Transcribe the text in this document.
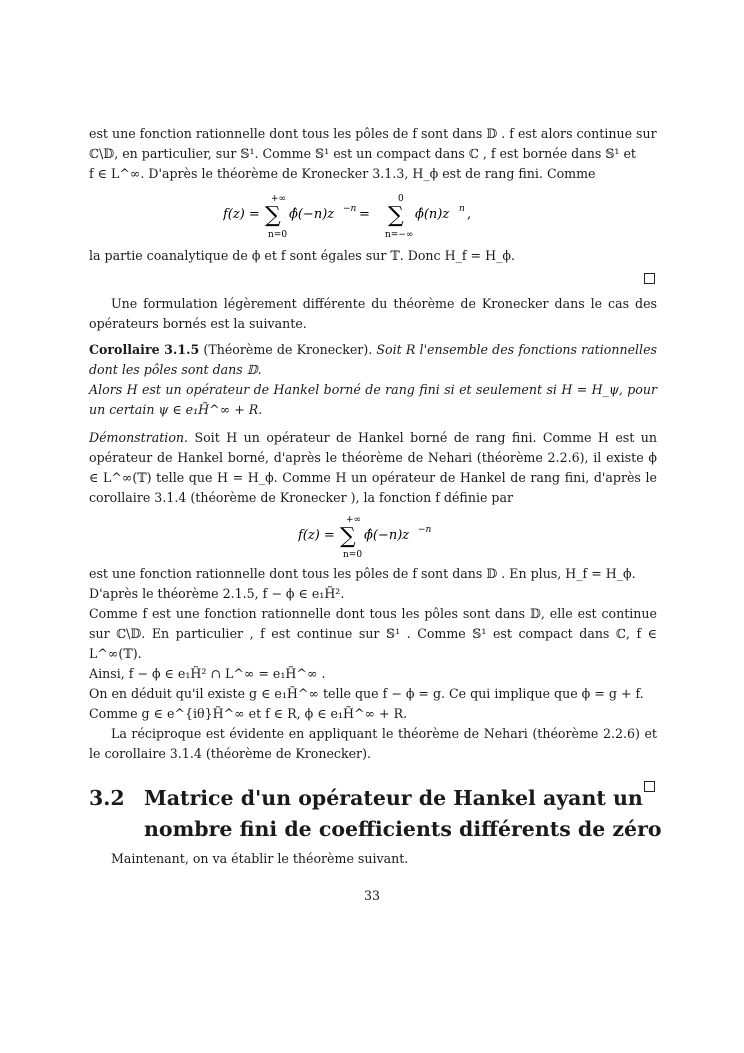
est une fonction rationnelle dont tous les pôles de f sont dans 𝔻 . f est alors continue sur

ℂ\𝔻, en particulier, sur 𝕊¹. Comme 𝕊¹ est un compact dans ℂ , f est bornée dans 𝕊¹ et

f ∈ L^∞. D'après le théorème de Kronecker 3.1.3, H_ϕ est de rang fini. Comme

f(z) =
+∞
∑
n=0
ϕ̂(−n)z −n =
0
∑
n=−∞
ϕ̂(n)z n ,

la partie coanalytique de ϕ et f sont égales sur 𝕋. Donc H_f = H_ϕ.

Une formulation légèrement différente du théorème de Kronecker dans le cas des opérateurs bornés est la suivante.

Corollaire 3.1.5 (Théorème de Kronecker). Soit R l'ensemble des fonctions rationnelles dont les pôles sont dans 𝔻.

Alors H est un opérateur de Hankel borné de rang fini si et seulement si H = H_ψ, pour un certain ψ ∈ e₁H̃^∞ + R.

Démonstration. Soit H un opérateur de Hankel borné de rang fini. Comme H est un opérateur de Hankel borné, d'après le théorème de Nehari (théorème 2.2.6), il existe ϕ ∈ L^∞(𝕋) telle que H = H_ϕ. Comme H un opérateur de Hankel de rang fini, d'après le corollaire 3.1.4 (théorème de Kronecker ), la fonction f définie par

f(z) =
+∞
∑
n=0
ϕ̂(−n)z −n

est une fonction rationnelle dont tous les pôles de f sont dans 𝔻 . En plus, H_f = H_ϕ.

D'après le théorème 2.1.5, f − ϕ ∈ e₁H̃².

Comme f est une fonction rationnelle dont tous les pôles sont dans 𝔻, elle est continue sur ℂ\𝔻. En particulier , f est continue sur 𝕊¹ . Comme 𝕊¹ est compact dans ℂ, f ∈ L^∞(𝕋).

Ainsi, f − ϕ ∈ e₁H̃² ∩ L^∞ = e₁H̃^∞ .

On en déduit qu'il existe g ∈ e₁H̃^∞ telle que f − ϕ = g. Ce qui implique que ϕ = g + f.

Comme g ∈ e^{iθ}H̃^∞ et f ∈ R, ϕ ∈ e₁H̃^∞ + R.

La réciproque est évidente en appliquant le théorème de Nehari (théorème 2.2.6) et le corollaire 3.1.4 (théorème de Kronecker).

3.2 Matrice d'un opérateur de Hankel ayant un nombre fini de coefficients différents de zéro

Maintenant, on va établir le théorème suivant.

33
